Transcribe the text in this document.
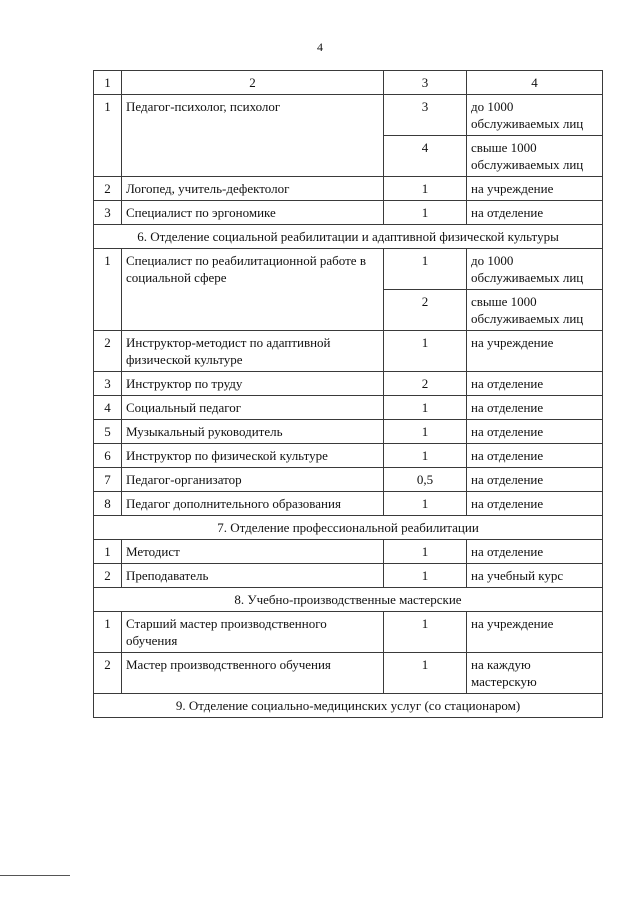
4
1	2	3	4
1	Педагог-психолог, психолог	3	до 1000 обслуживаемых лиц
		4	свыше 1000 обслуживаемых лиц
2	Логопед, учитель-дефектолог	1	на учреждение
3	Специалист по эргономике	1	на отделение
6. Отделение социальной реабилитации и адаптивной физической культуры			
1	Специалист по реабилитационной работе в социальной сфере	1	до 1000 обслуживаемых лиц
		2	свыше 1000 обслуживаемых лиц
2	Инструктор-методист по адаптивной физической культуре	1	на учреждение
3	Инструктор по труду	2	на отделение
4	Социальный педагог	1	на отделение
5	Музыкальный руководитель	1	на отделение
6	Инструктор по физической культуре	1	на отделение
7	Педагог-организатор	0,5	на отделение
8	Педагог дополнительного образования	1	на отделение
7. Отделение профессиональной реабилитации			
1	Методист	1	на отделение
2	Преподаватель	1	на учебный курс
8. Учебно-производственные мастерские			
1	Старший мастер производственного обучения	1	на учреждение
2	Мастер производственного обучения	1	на каждую мастерскую
9. Отделение социально-медицинских услуг (со стационаром)			
